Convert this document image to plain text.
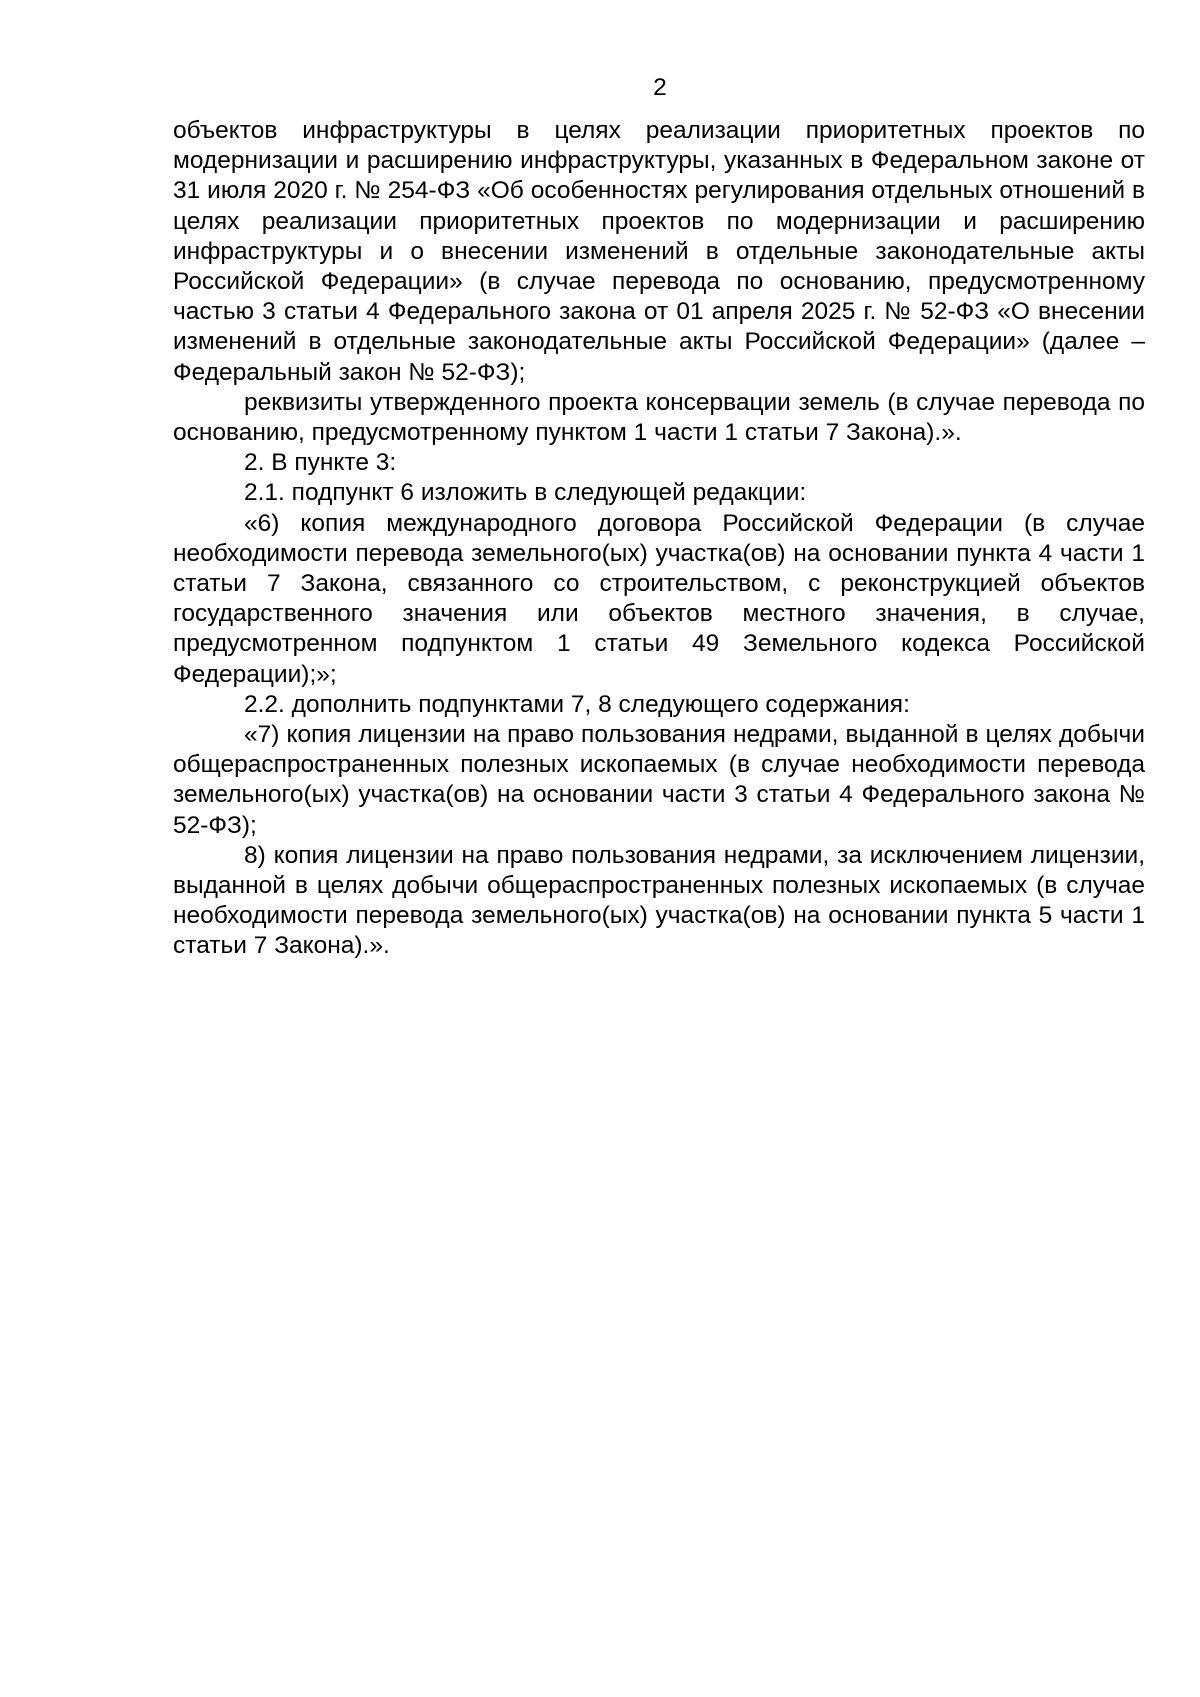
2

объектов инфраструктуры в целях реализации приоритетных проектов по модернизации и расширению инфраструктуры, указанных в Федеральном законе от 31 июля 2020 г. № 254-ФЗ «Об особенностях регулирования отдельных отношений в целях реализации приоритетных проектов по модернизации и расширению инфраструктуры и о внесении изменений в отдельные законодательные акты Российской Федерации» (в случае перевода по основанию, предусмотренному частью 3 статьи 4 Федерального закона от 01 апреля 2025 г. № 52-ФЗ «О внесении изменений в отдельные законодательные акты Российской Федерации» (далее – Федеральный закон № 52-ФЗ);

реквизиты утвержденного проекта консервации земель (в случае перевода по основанию, предусмотренному пунктом 1 части 1 статьи 7 Закона).».

2. В пункте 3:

2.1. подпункт 6 изложить в следующей редакции:

«6) копия международного договора Российской Федерации (в случае необходимости перевода земельного(ых) участка(ов) на основании пункта 4 части 1 статьи 7 Закона, связанного со строительством, с реконструкцией объектов государственного значения или объектов местного значения, в случае, предусмотренном подпунктом 1 статьи 49 Земельного кодекса Российской Федерации);»;

2.2. дополнить подпунктами 7, 8 следующего содержания:

«7) копия лицензии на право пользования недрами, выданной в целях добычи общераспространенных полезных ископаемых (в случае необходимости перевода земельного(ых) участка(ов) на основании части 3 статьи 4 Федерального закона № 52-ФЗ);

8) копия лицензии на право пользования недрами, за исключением лицензии, выданной в целях добычи общераспространенных полезных ископаемых (в случае необходимости перевода земельного(ых) участка(ов) на основании пункта 5 части 1 статьи 7 Закона).».
